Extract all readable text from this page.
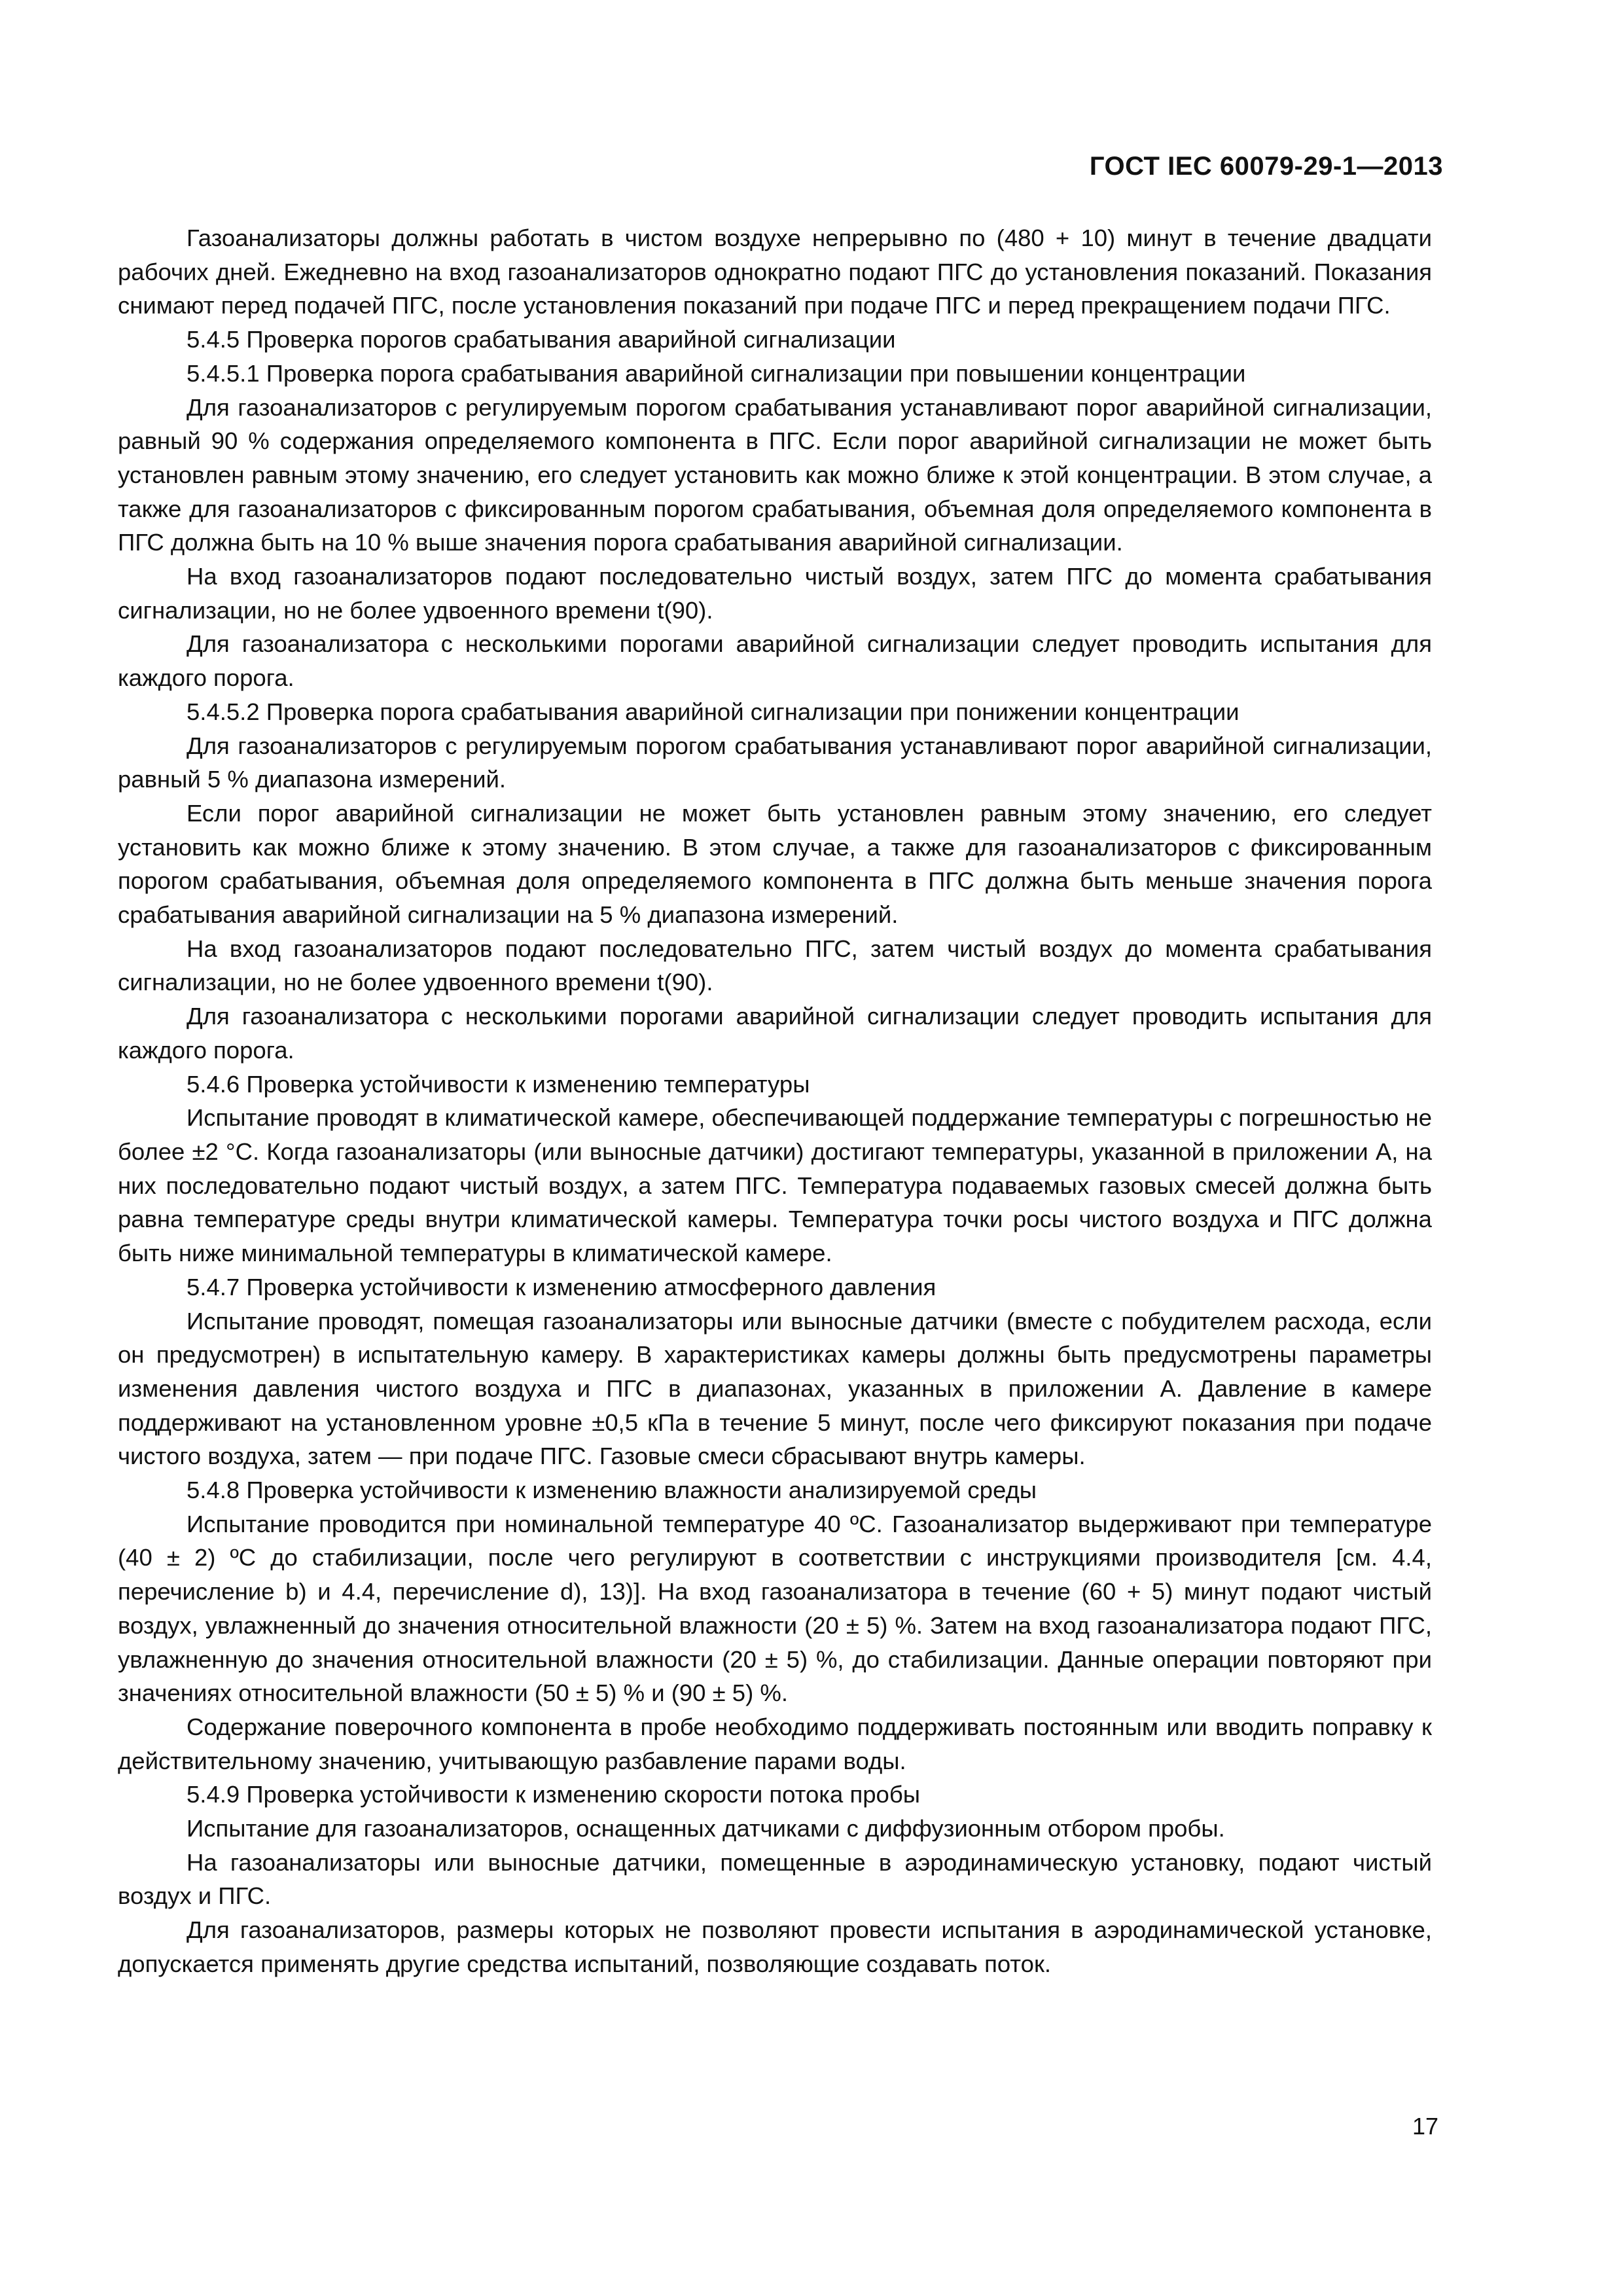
ГОСТ IEC 60079-29-1—2013

Газоанализаторы должны работать в чистом воздухе непрерывно по (480 + 10) минут в течение двадцати рабочих дней. Ежедневно на вход газоанализаторов однократно подают ПГС до установления показаний. Показания снимают перед подачей ПГС, после установления показаний при подаче ПГС и перед прекращением подачи ПГС.

5.4.5 Проверка порогов срабатывания аварийной сигнализации

5.4.5.1 Проверка порога срабатывания аварийной сигнализации при повышении концентрации

Для газоанализаторов с регулируемым порогом срабатывания устанавливают порог аварийной сигнализации, равный 90 % содержания определяемого компонента в ПГС. Если порог аварийной сигнализации не может быть установлен равным этому значению, его следует установить как можно ближе к этой концентрации. В этом случае, а также для газоанализаторов с фиксированным порогом срабатывания, объемная доля определяемого компонента в ПГС должна быть на 10 % выше значения порога срабатывания аварийной сигнализации.

На вход газоанализаторов подают последовательно чистый воздух, затем ПГС до момента срабатывания сигнализации, но не более удвоенного времени t(90).

Для газоанализатора с несколькими порогами аварийной сигнализации следует проводить испытания для каждого порога.

5.4.5.2 Проверка порога срабатывания аварийной сигнализации при понижении концентрации

Для газоанализаторов с регулируемым порогом срабатывания устанавливают порог аварийной сигнализации, равный 5 % диапазона измерений.

Если порог аварийной сигнализации не может быть установлен равным этому значению, его следует установить как можно ближе к этому значению. В этом случае, а также для газоанализаторов с фиксированным порогом срабатывания, объемная доля определяемого компонента в ПГС должна быть меньше значения порога срабатывания аварийной сигнализации на 5 % диапазона измерений.

На вход газоанализаторов подают последовательно ПГС, затем чистый воздух до момента срабатывания сигнализации, но не более удвоенного времени t(90).

Для газоанализатора с несколькими порогами аварийной сигнализации следует проводить испытания для каждого порога.

5.4.6 Проверка устойчивости к изменению температуры

Испытание проводят в климатической камере, обеспечивающей поддержание температуры с погрешностью не более ±2 °С. Когда газоанализаторы (или выносные датчики) достигают температуры, указанной в приложении А, на них последовательно подают чистый воздух, а затем ПГС. Температура подаваемых газовых смесей должна быть равна температуре среды внутри климатической камеры. Температура точки росы чистого воздуха и ПГС должна быть ниже минимальной температуры в климатической камере.

5.4.7 Проверка устойчивости к изменению атмосферного давления

Испытание проводят, помещая газоанализаторы или выносные датчики (вместе с побудителем расхода, если он предусмотрен) в испытательную камеру. В характеристиках камеры должны быть предусмотрены параметры изменения давления чистого воздуха и ПГС в диапазонах, указанных в приложении А. Давление в камере поддерживают на установленном уровне ±0,5 кПа в течение 5 минут, после чего фиксируют показания при подаче чистого воздуха, затем — при подаче ПГС. Газовые смеси сбрасывают внутрь камеры.

5.4.8 Проверка устойчивости к изменению влажности анализируемой среды

Испытание проводится при номинальной температуре 40 ºС. Газоанализатор выдерживают при температуре (40 ± 2) ºС до стабилизации, после чего регулируют в соответствии с инструкциями производителя [см. 4.4, перечисление b) и 4.4, перечисление d), 13)]. На вход газоанализатора в течение (60 + 5) минут подают чистый воздух, увлажненный до значения относительной влажности (20 ± 5) %. Затем на вход газоанализатора подают ПГС, увлажненную до значения относительной влажности (20 ± 5) %, до стабилизации. Данные операции повторяют при значениях относительной влажности (50 ± 5) % и (90 ± 5) %.

Содержание поверочного компонента в пробе необходимо поддерживать постоянным или вводить поправку к действительному значению, учитывающую разбавление парами воды.

5.4.9 Проверка устойчивости к изменению скорости потока пробы

Испытание для газоанализаторов, оснащенных датчиками с диффузионным отбором пробы.

На газоанализаторы или выносные датчики, помещенные в аэродинамическую установку, подают чистый воздух и ПГС.

Для газоанализаторов, размеры которых не позволяют провести испытания в аэродинамической установке, допускается применять другие средства испытаний, позволяющие создавать поток.

17
